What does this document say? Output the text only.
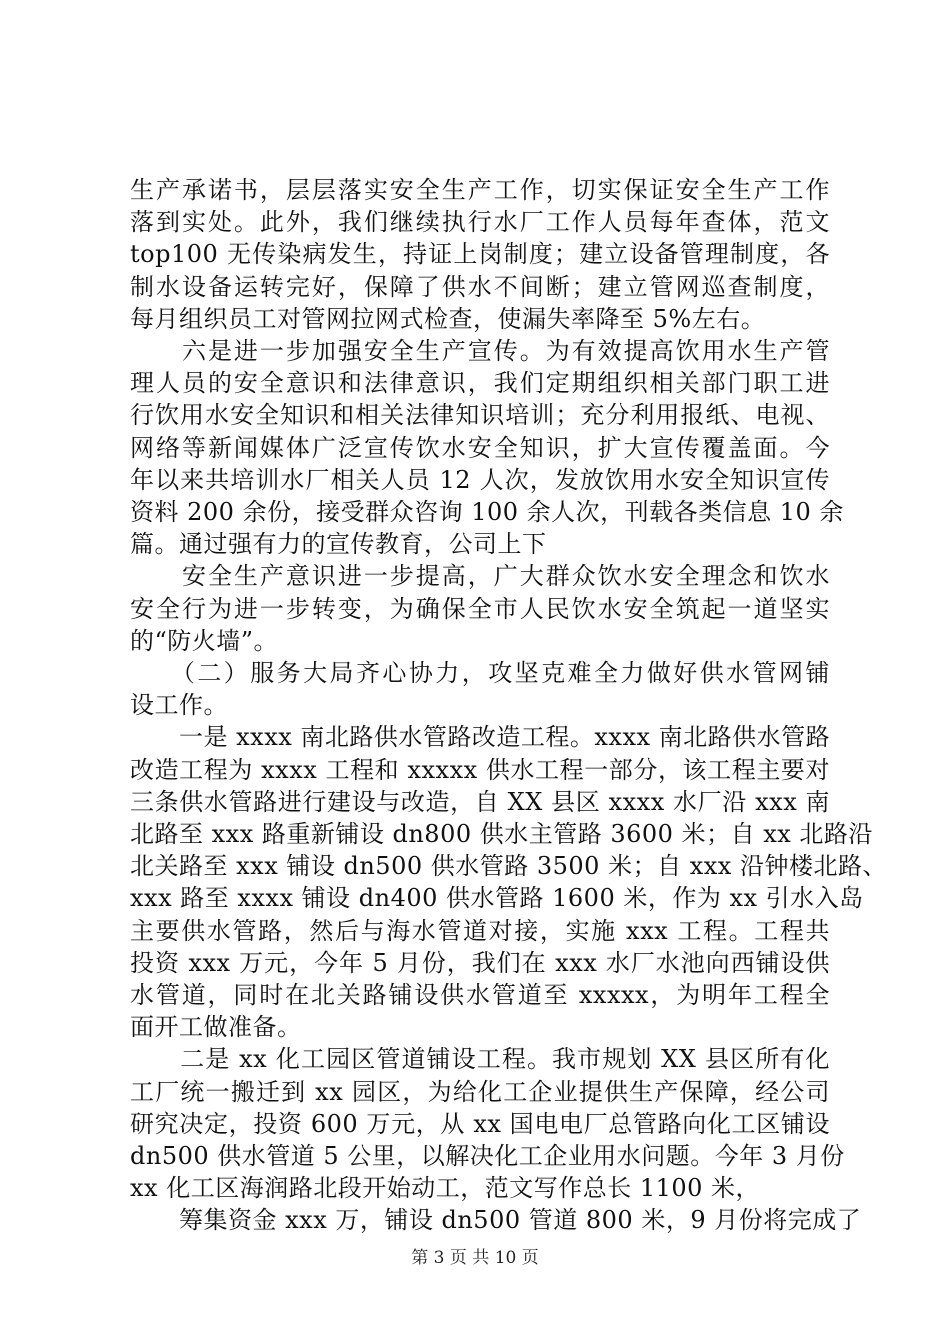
生产承诺书，层层落实安全生产工作，切实保证安全生产工作
落到实处。此外，我们继续执行水厂工作人员每年查体，范文
top100 无传染病发生，持证上岗制度；建立设备管理制度，各
制水设备运转完好，保障了供水不间断；建立管网巡查制度，
每月组织员工对管网拉网式检查，使漏失率降至 5%左右。
　　六是进一步加强安全生产宣传。为有效提高饮用水生产管
理人员的安全意识和法律意识，我们定期组织相关部门职工进
行饮用水安全知识和相关法律知识培训；充分利用报纸、电视、
网络等新闻媒体广泛宣传饮水安全知识，扩大宣传覆盖面。今
年以来共培训水厂相关人员 12 人次，发放饮用水安全知识宣传
资料 200 余份，接受群众咨询 100 余人次，刊载各类信息 10 余
篇。通过强有力的宣传教育，公司上下
　　安全生产意识进一步提高，广大群众饮水安全理念和饮水
安全行为进一步转变，为确保全市人民饮水安全筑起一道坚实
的“防火墙”。
　　（二）服务大局齐心协力，攻坚克难全力做好供水管网铺
设工作。
　　一是 xxxx 南北路供水管路改造工程。xxxx 南北路供水管路
改造工程为 xxxx 工程和 xxxxx 供水工程一部分，该工程主要对
三条供水管路进行建设与改造，自 XX 县区 xxxx 水厂沿 xxx 南
北路至 xxx 路重新铺设 dn800 供水主管路 3600 米；自 xx 北路沿
北关路至 xxx 铺设 dn500 供水管路 3500 米；自 xxx 沿钟楼北路、
xxx 路至 xxxx 铺设 dn400 供水管路 1600 米，作为 xx 引水入岛
主要供水管路，然后与海水管道对接，实施 xxx 工程。工程共
投资 xxx 万元，今年 5 月份，我们在 xxx 水厂水池向西铺设供
水管道，同时在北关路铺设供水管道至 xxxxx，为明年工程全
面开工做准备。
　　二是 xx 化工园区管道铺设工程。我市规划 XX 县区所有化
工厂统一搬迁到 xx 园区，为给化工企业提供生产保障，经公司
研究决定，投资 600 万元，从 xx 国电电厂总管路向化工区铺设
dn500 供水管道 5 公里，以解决化工企业用水问题。今年 3 月份
xx 化工区海润路北段开始动工，范文写作总长 1100 米，
　　筹集资金 xxx 万，铺设 dn500 管道 800 米，9 月份将完成了
第 3 页 共 10 页
